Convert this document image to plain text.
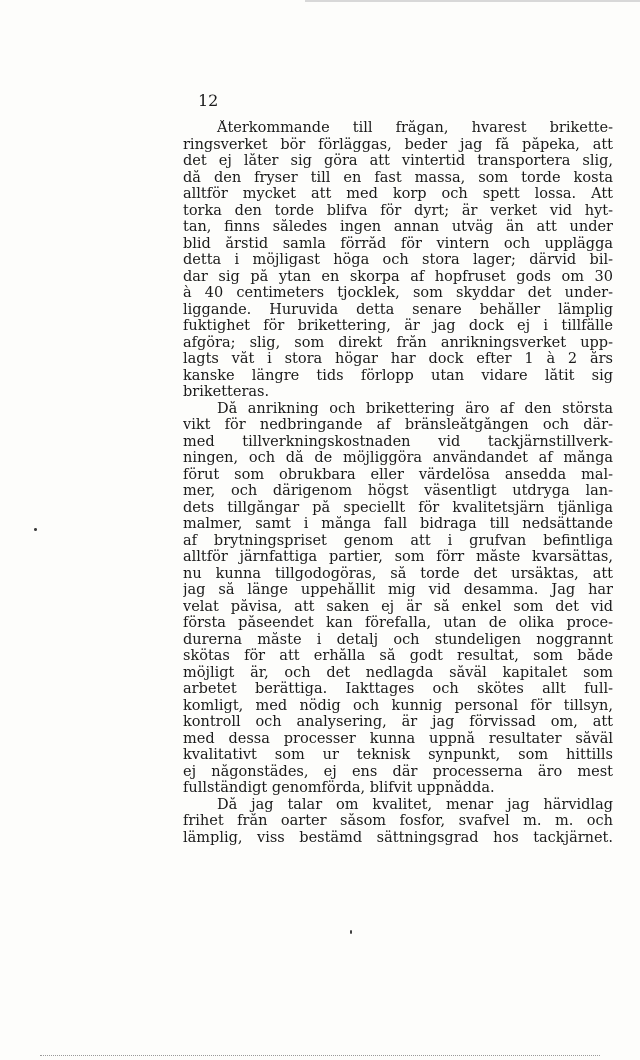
12
Återkommande till frågan, hvarest brikette-
ringsverket bör förläggas, beder jag få påpeka, att
det ej låter sig göra att vintertid transportera slig,
då den fryser till en fast massa, som torde kosta
alltför mycket att med korp och spett lossa. Att
torka den torde blifva för dyrt; är verket vid hyt-
tan, finns således ingen annan utväg än att under
blid årstid samla förråd för vintern och upplägga
detta i möjligast höga och stora lager; därvid bil-
dar sig på ytan en skorpa af hopfruset gods om 30
à 40 centimeters tjocklek, som skyddar det under-
liggande. Huruvida detta senare behåller lämplig
fuktighet för brikettering, är jag dock ej i tillfälle
afgöra; slig, som direkt från anrikningsverket upp-
lagts våt i stora högar har dock efter 1 à 2 års
kanske längre tids förlopp utan vidare låtit sig
briketteras.
Då anrikning och brikettering äro af den största
vikt för nedbringande af bränsleåtgången och där-
med tillverkningskostnaden vid tackjärnstillverk-
ningen, och då de möjliggöra användandet af många
förut som obrukbara eller värdelösa ansedda mal-
mer, och därigenom högst väsentligt utdryga lan-
dets tillgångar på speciellt för kvalitetsjärn tjänliga
malmer, samt i många fall bidraga till nedsättande
af brytningspriset genom att i grufvan befintliga
alltför järnfattiga partier, som förr måste kvarsättas,
nu kunna tillgodogöras, så torde det ursäktas, att
jag så länge uppehållit mig vid desamma. Jag har
velat påvisa, att saken ej är så enkel som det vid
första påseendet kan förefalla, utan de olika proce-
durerna måste i detalj och stundeligen noggrannt
skötas för att erhålla så godt resultat, som både
möjligt är, och det nedlagda såväl kapitalet som
arbetet berättiga. Iakttages och skötes allt full-
komligt, med nödig och kunnig personal för tillsyn,
kontroll och analysering, är jag förvissad om, att
med dessa processer kunna uppnå resultater såväl
kvalitativt som ur teknisk synpunkt, som hittills
ej någonstädes, ej ens där processerna äro mest
fullständigt genomförda, blifvit uppnådda.
Då jag talar om kvalitet, menar jag härvidlag
frihet från oarter såsom fosfor, svafvel m. m. och
lämplig, viss bestämd sättningsgrad hos tackjärnet.
